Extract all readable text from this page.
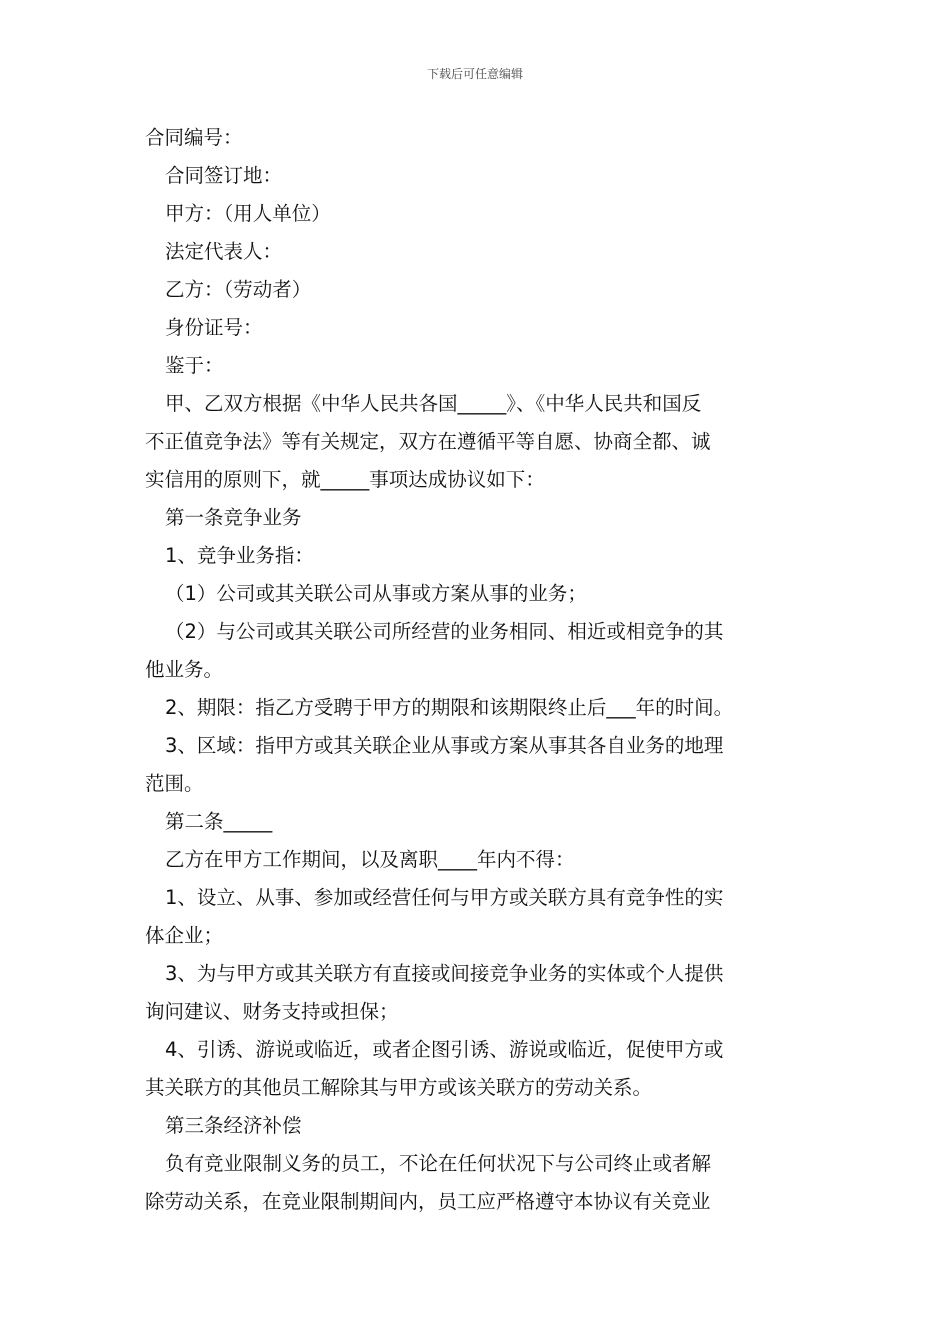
下载后可任意编辑
合同编号：
合同签订地：
甲方：（用人单位）
法定代表人：
乙方：（劳动者）
身份证号：
鉴于：
甲、乙双方根据《中华人民共各国_____》、《中华人民共和国反
不正值竞争法》等有关规定，双方在遵循平等自愿、协商全都、诚
实信用的原则下，就_____事项达成协议如下：
第一条竞争业务
1、竞争业务指：
（1）公司或其关联公司从事或方案从事的业务；
（2）与公司或其关联公司所经营的业务相同、相近或相竞争的其
他业务。
2、期限：指乙方受聘于甲方的期限和该期限终止后___年的时间。
3、区域：指甲方或其关联企业从事或方案从事其各自业务的地理
范围。
第二条_____
乙方在甲方工作期间，以及离职____年内不得：
1、设立、从事、参加或经营任何与甲方或关联方具有竞争性的实
体企业；
3、为与甲方或其关联方有直接或间接竞争业务的实体或个人提供
询问建议、财务支持或担保；
4、引诱、游说或临近，或者企图引诱、游说或临近，促使甲方或
其关联方的其他员工解除其与甲方或该关联方的劳动关系。
第三条经济补偿
负有竞业限制义务的员工，不论在任何状况下与公司终止或者解
除劳动关系，在竞业限制期间内，员工应严格遵守本协议有关竞业
